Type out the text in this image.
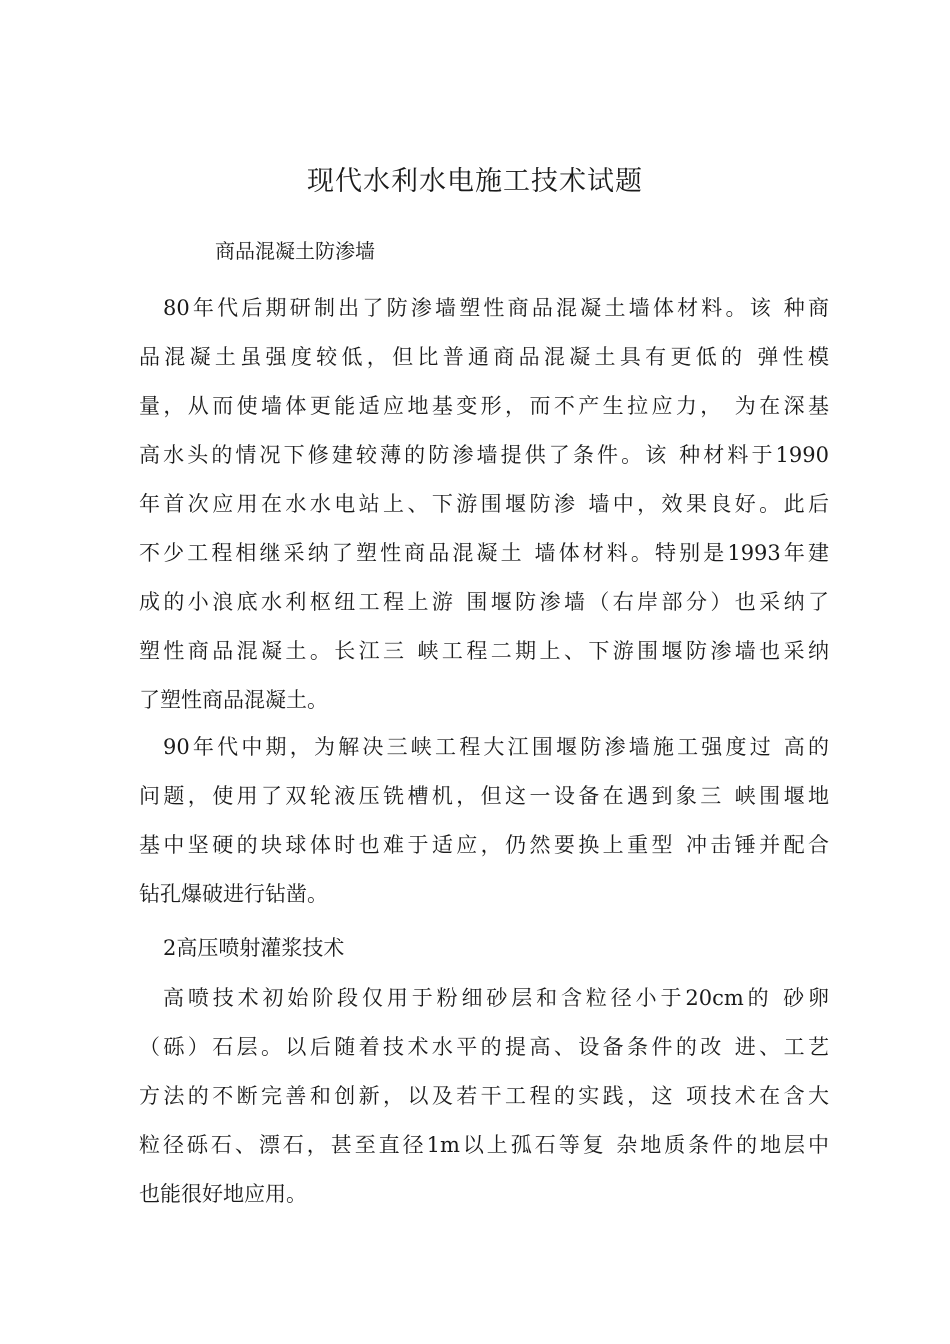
现代水利水电施工技术试题
商品混凝土防渗墙
80年代后期研制出了防渗墙塑性商品混凝土墙体材料。该 种商
品混凝土虽强度较低，但比普通商品混凝土具有更低的 弹性模
量，从而使墙体更能适应地基变形，而不产生拉应力， 为在深基
高水头的情况下修建较薄的防渗墙提供了条件。该 种材料于1990
年首次应用在水水电站上、下游围堰防渗 墙中，效果良好。此后
不少工程相继采纳了塑性商品混凝土 墙体材料。特别是1993年建
成的小浪底水利枢纽工程上游 围堰防渗墙（右岸部分）也采纳了
塑性商品混凝土。长江三 峡工程二期上、下游围堰防渗墙也采纳
了塑性商品混凝土。
90年代中期，为解决三峡工程大江围堰防渗墙施工强度过 高的
问题，使用了双轮液压铣槽机，但这一设备在遇到象三 峡围堰地
基中坚硬的块球体时也难于适应，仍然要换上重型 冲击锤并配合
钻孔爆破进行钻凿。
2高压喷射灌浆技术
高喷技术初始阶段仅用于粉细砂层和含粒径小于20cm的 砂卵
（砾）石层。以后随着技术水平的提高、设备条件的改 进、工艺
方法的不断完善和创新，以及若干工程的实践，这 项技术在含大
粒径砾石、漂石，甚至直径1m以上孤石等复 杂地质条件的地层中
也能很好地应用。
